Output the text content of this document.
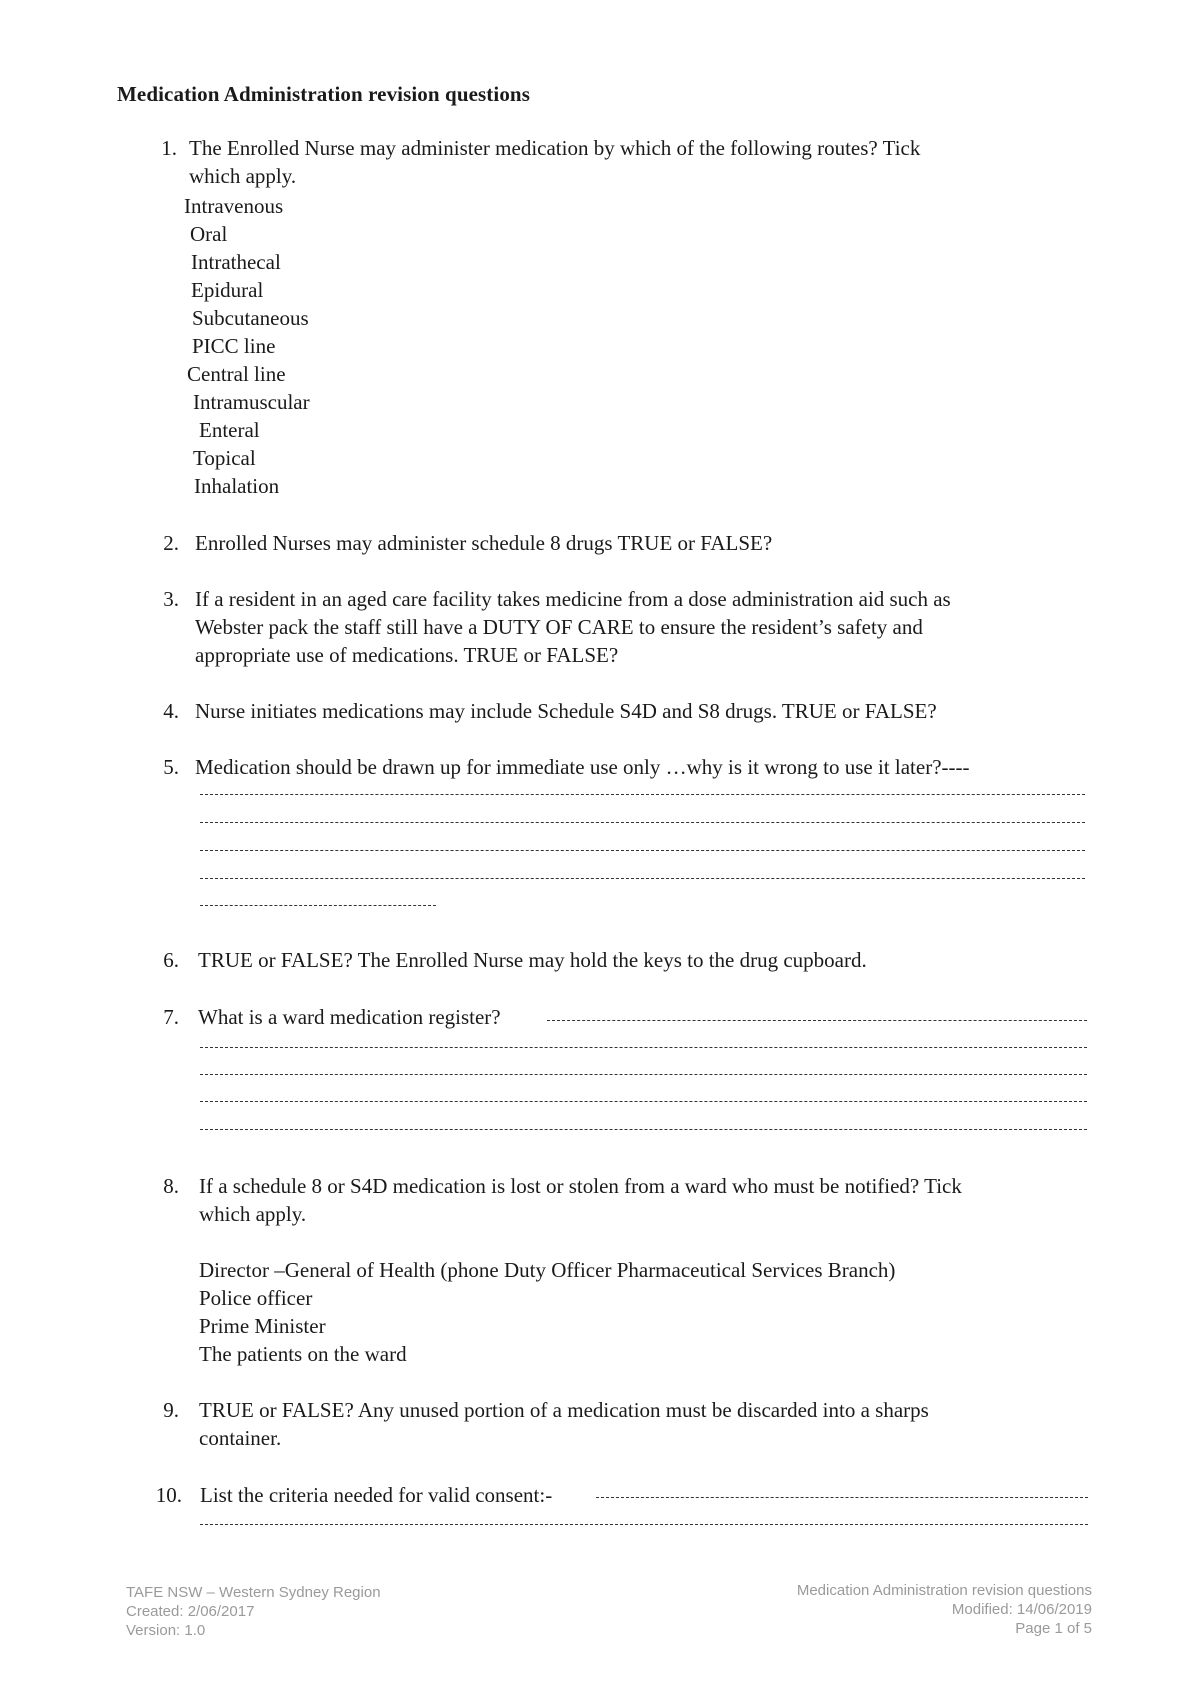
Medication Administration revision questions
1. The Enrolled Nurse may administer medication by which of the following routes? Tick
which apply.
Intravenous
Oral
Intrathecal
Epidural
Subcutaneous
PICC line
Central line
Intramuscular
Enteral
Topical
Inhalation
2. Enrolled Nurses may administer schedule 8 drugs TRUE or FALSE?
3. If a resident in an aged care facility takes medicine from a dose administration aid such as
Webster pack the staff still have a DUTY OF CARE to ensure the resident’s safety and
appropriate use of medications. TRUE or FALSE?
4. Nurse initiates medications may include Schedule S4D and S8 drugs. TRUE or FALSE?
5. Medication should be drawn up for immediate use only …why is it wrong to use it later?----
6. TRUE or FALSE? The Enrolled Nurse may hold the keys to the drug cupboard.
7. What is a ward medication register?
8. If a schedule 8 or S4D medication is lost or stolen from a ward who must be notified? Tick
which apply.
Director –General of Health (phone Duty Officer Pharmaceutical Services Branch)
Police officer
Prime Minister
The patients on the ward
9. TRUE or FALSE? Any unused portion of a medication must be discarded into a sharps
container.
10. List the criteria needed for valid consent:-
TAFE NSW – Western Sydney Region
Created: 2/06/2017
Version: 1.0
Medication Administration revision questions
Modified: 14/06/2019
Page 1 of 5
